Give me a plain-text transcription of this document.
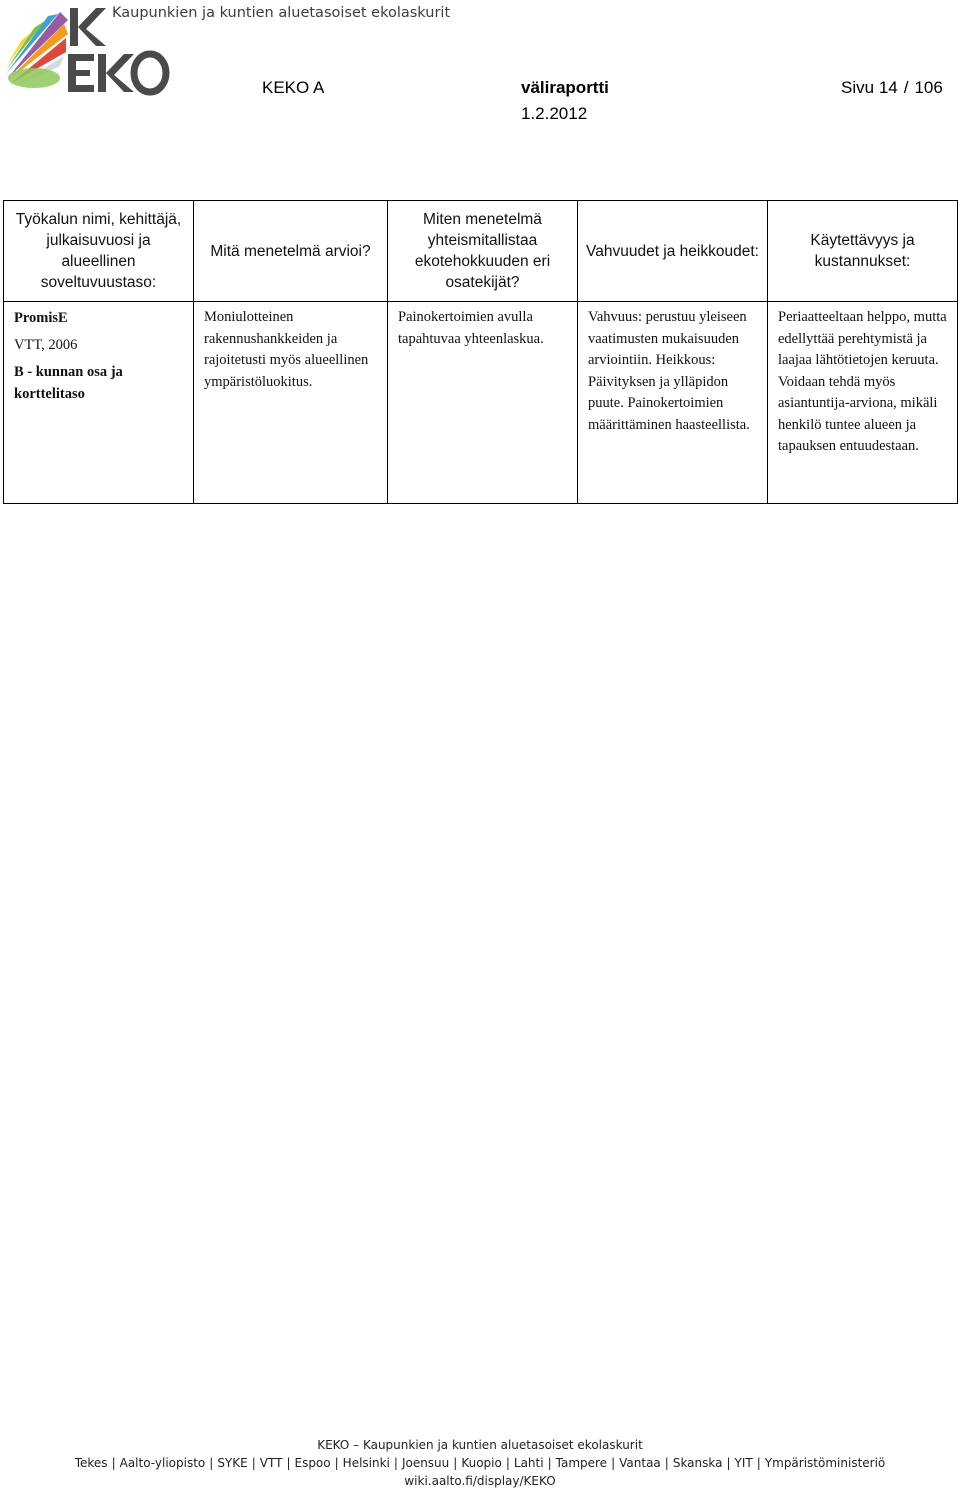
Kaupunkien ja kuntien aluetasoiset ekolaskurit
KEKO A	väliraportti
1.2.2012
Sivu 14 / 106
Työkalun nimi, kehittäjä, julkaisuvuosi ja alueellinen soveltuvuustaso:	Mitä menetelmä arvioi?	Miten menetelmä yhteismitallistaa ekotehokkuuden eri osatekijät?	Vahvuudet ja heikkoudet:	Käytettävyys ja kustannukset:

PromisE

VTT, 2006

B - kunnan osa ja korttelitaso	Moniulotteinen rakennushankkeiden ja rajoitetusti myös alueellinen ympäristöluokitus.	Painokertoimien avulla tapahtuvaa yhteenlaskua.	Vahvuus: perustuu yleiseen vaatimusten mukaisuuden arviointiin. Heikkous: Päivityksen ja ylläpidon puute. Painokertoimien määrittäminen haasteellista.	Periaatteeltaan helppo, mutta edellyttää perehtymistä ja laajaa lähtötietojen keruuta. Voidaan tehdä myös asiantuntija-arviona, mikäli henkilö tuntee alueen ja tapauksen entuudestaan.
KEKO – Kaupunkien ja kuntien aluetasoiset ekolaskurit
Tekes | Aalto-yliopisto | SYKE | VTT | Espoo | Helsinki | Joensuu | Kuopio | Lahti | Tampere | Vantaa | Skanska | YIT | Ympäristöministeriö
wiki.aalto.fi/display/KEKO
